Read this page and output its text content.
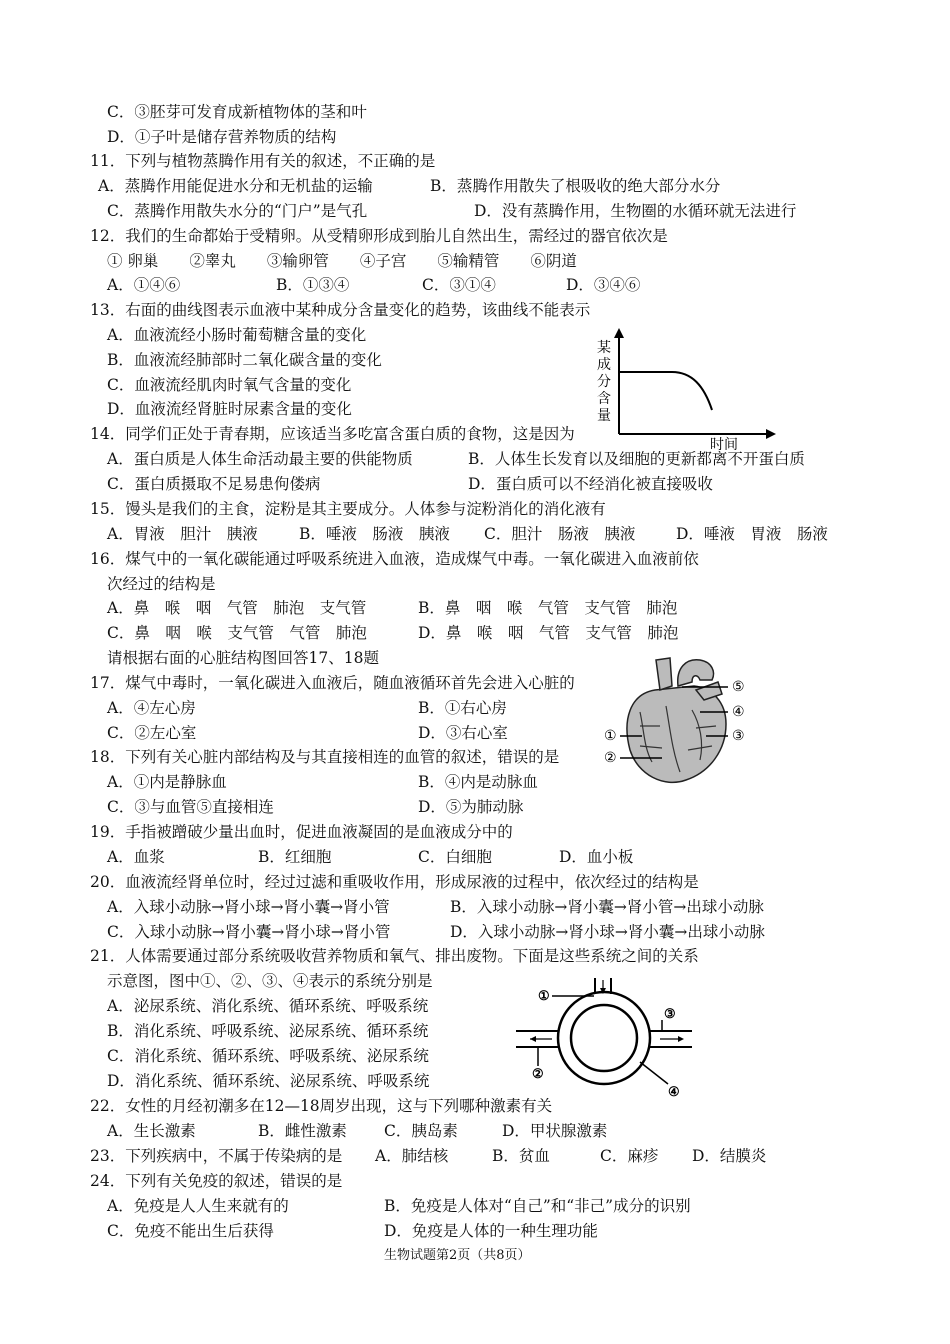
C．③胚芽可发育成新植物体的茎和叶
D．①子叶是储存营养物质的结构
11．下列与植物蒸腾作用有关的叙述，不正确的是
A．蒸腾作用能促进水分和无机盐的运输	B．蒸腾作用散失了根吸收的绝大部分水分
C．蒸腾作用散失水分的“门户”是气孔	D．没有蒸腾作用，生物圈的水循环就无法进行
12．我们的生命都始于受精卵。从受精卵形成到胎儿自然出生，需经过的器官依次是
① 卵巢　　②睾丸　　③输卵管　　④子宫　　⑤输精管　　⑥阴道
A．①④⑥	B．①③④	C．③①④	D．③④⑥
13．右面的曲线图表示血液中某种成分含量变化的趋势，该曲线不能表示
A．血液流经小肠时葡萄糖含量的变化
B．血液流经肺部时二氧化碳含量的变化
C．血液流经肌肉时氧气含量的变化
D．血液流经肾脏时尿素含量的变化
14．同学们正处于青春期，应该适当多吃富含蛋白质的食物，这是因为
A．蛋白质是人体生命活动最主要的供能物质	B．人体生长发育以及细胞的更新都离不开蛋白质
C．蛋白质摄取不足易患佝偻病	D．蛋白质可以不经消化被直接吸收
15．馒头是我们的主食，淀粉是其主要成分。人体参与淀粉消化的消化液有
A．胃液　胆汁　胰液	B．唾液　肠液　胰液 C．胆汁　肠液　胰液	D．唾液　胃液　肠液
16．煤气中的一氧化碳能通过呼吸系统进入血液，造成煤气中毒。一氧化碳进入血液前依
次经过的结构是
A．鼻　喉　咽　气管　肺泡　支气管	B．鼻　咽　喉　气管　支气管　肺泡
C．鼻　咽　喉　支气管　气管　肺泡	D．鼻　喉　咽　气管　支气管　肺泡
请根据右面的心脏结构图回答17、18题
17．煤气中毒时，一氧化碳进入血液后，随血液循环首先会进入心脏的
A．④左心房	B．①右心房
C．②左心室	D．③右心室
18．下列有关心脏内部结构及与其直接相连的血管的叙述，错误的是
A．①内是静脉血	B．④内是动脉血
C．③与血管⑤直接相连	D．⑤为肺动脉
19．手指被蹭破少量出血时，促进血液凝固的是血液成分中的
A．血浆	B．红细胞	C．白细胞	D．血小板
20．血液流经肾单位时，经过过滤和重吸收作用，形成尿液的过程中，依次经过的结构是
A．入球小动脉→肾小球→肾小囊→肾小管	B．入球小动脉→肾小囊→肾小管→出球小动脉
C．入球小动脉→肾小囊→肾小球→肾小管	D．入球小动脉→肾小球→肾小囊→出球小动脉
21．人体需要通过部分系统吸收营养物质和氧气、排出废物。下面是这些系统之间的关系
示意图，图中①、②、③、④表示的系统分别是
A．泌尿系统、消化系统、循环系统、呼吸系统
B．消化系统、呼吸系统、泌尿系统、循环系统
C．消化系统、循环系统、呼吸系统、泌尿系统
D．消化系统、循环系统、泌尿系统、呼吸系统
22．女性的月经初潮多在12—18周岁出现，这与下列哪种激素有关
A．生长激素	B．雌性激素 C．胰岛素	D．甲状腺激素
23．下列疾病中，不属于传染病的是 A．肺结核	B．贫血	C．麻疹 D．结膜炎
24．下列有关免疫的叙述，错误的是
A．免疫是人人生来就有的	B．免疫是人体对“自己”和“非己”成分的识别
C．免疫不能出生后获得	D．免疫是人体的一种生理功能
生物试题第2页（共8页）
某
成
分
含
量
时间
⑤
④
③
①
②
①
②
③
④
